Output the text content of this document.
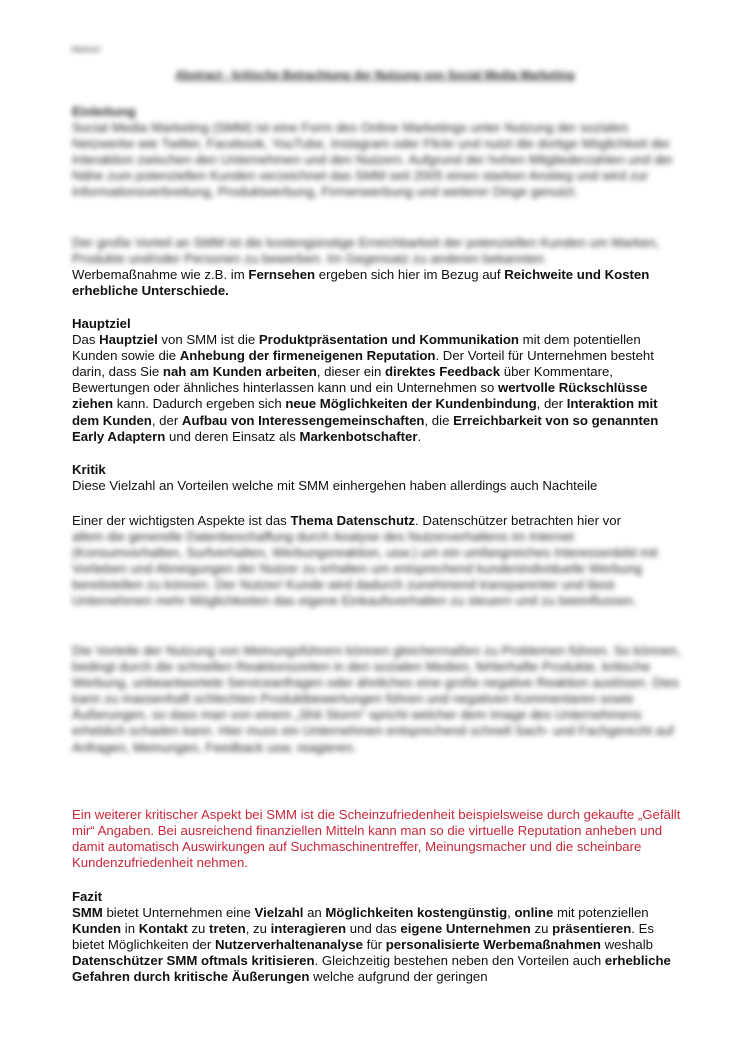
Abstract
Abstract - kritische Betrachtung der Nutzung von Social Media Marketing
Einleitung

Social Media Marketing (SMM) ist eine Form des Online Marketings unter Nutzung der sozialen Netzwerke wie Twitter, Facebook, YouTube, Instagram oder Flickr und nutzt die dortige Möglichkeit der Interaktion zwischen den Unternehmen und den Nutzern. Aufgrund der hohen Mitgliederzahlen und der Nähe zum potenziellen Kunden verzeichnet das SMM seit 2005 einen starken Anstieg und wird zur Informationsverbreitung, Produktwerbung, Firmenwerbung und weiterer Dinge genutzt.

Der große Vorteil an SMM ist die kostengünstige Erreichbarkeit der potenziellen Kunden um Marken, Produkte und/oder Personen zu bewerben. Im Gegensatz zu anderen bekannten
Werbemaßnahme wie z.B. im Fernsehen ergeben sich hier im Bezug auf Reichweite und Kosten erhebliche Unterschiede.
Hauptziel

Das Hauptziel von SMM ist die Produktpräsentation und Kommunikation mit dem potentiellen Kunden sowie die Anhebung der firmeneigenen Reputation. Der Vorteil für Unternehmen besteht darin, dass Sie nah am Kunden arbeiten, dieser ein direktes Feedback über Kommentare, Bewertungen oder ähnliches hinterlassen kann und ein Unternehmen so wertvolle Rückschlüsse ziehen kann. Dadurch ergeben sich neue Möglichkeiten der Kundenbindung, der Interaktion mit dem Kunden, der Aufbau von Interessengemeinschaften, die Erreichbarkeit von so genannten Early Adaptern und deren Einsatz als Markenbotschafter.

Kritik

Diese Vielzahl an Vorteilen welche mit SMM einhergehen haben allerdings auch Nachteile

Einer der wichtigsten Aspekte ist das Thema Datenschutz. Datenschützer betrachten hier vor
allem die generelle Datenbeschaffung durch Analyse des Nutzerverhaltens im Internet (Konsumverhalten, Surfverhalten, Werbungsreaktion, usw.) um ein umfangreiches Interessenbild mit Vorlieben und Abneigungen der Nutzer zu erhalten um entsprechend kundenindividuelle Werbung bereitstellen zu können. Der Nutzer/ Kunde wird dadurch zunehmend transparenter und lässt Unternehmen mehr Möglichkeiten das eigene Einkaufsverhalten zu steuern und zu beeinflussen.
Die Vorteile der Nutzung von Meinungsführern können gleichermaßen zu Problemen führen. So können, bedingt durch die schnellen Reaktionszeiten in den sozialen Medien, fehlerhafte Produkte, kritische Werbung, unbeantwortete Serviceanfragen oder ähnliches eine große negative Reaktion auslösen. Dies kann zu massenhaft schlechten Produktbewertungen führen und negativen Kommentaren sowie Äußerungen, so dass man von einem „Shit Storm“ spricht welcher dem Image des Unternehmens erheblich schaden kann. Hier muss ein Unternehmen entsprechend schnell Sach- und Fachgerecht auf Anfragen, Meinungen, Feedback usw. reagieren.
Ein weiterer kritischer Aspekt bei SMM ist die Scheinzufriedenheit beispielsweise durch gekaufte „Gefällt mir“ Angaben. Bei ausreichend finanziellen Mitteln kann man so die virtuelle Reputation anheben und damit automatisch Auswirkungen auf Suchmaschinentreffer, Meinungsmacher und die scheinbare Kundenzufriedenheit nehmen.
Fazit

SMM bietet Unternehmen eine Vielzahl an Möglichkeiten kostengünstig, online mit potenziellen Kunden in Kontakt zu treten, zu interagieren und das eigene Unternehmen zu präsentieren. Es bietet Möglichkeiten der Nutzerverhaltenanalyse für personalisierte Werbemaßnahmen weshalb Datenschützer SMM oftmals kritisieren. Gleichzeitig bestehen neben den Vorteilen auch erhebliche Gefahren durch kritische Äußerungen welche aufgrund der geringen
